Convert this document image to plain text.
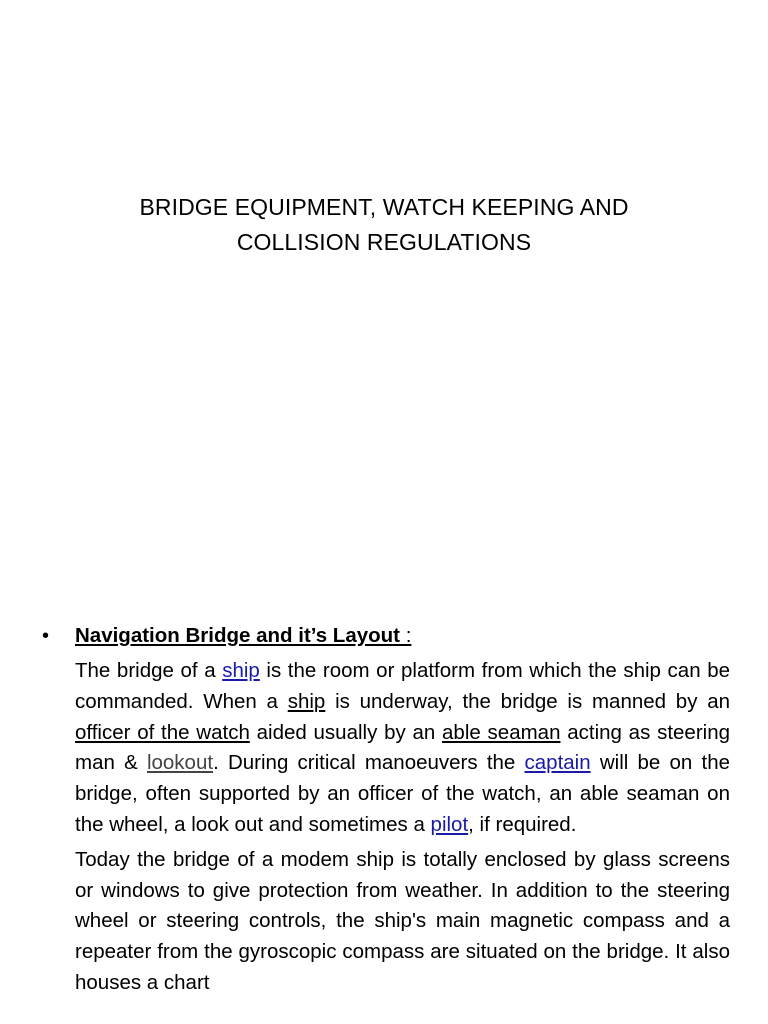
BRIDGE EQUIPMENT, WATCH KEEPING AND
COLLISION REGULATIONS
• Navigation Bridge and it’s Layout :
The bridge of a ship is the room or platform from which the ship can be commanded. When a ship is underway, the bridge is manned by an officer of the watch aided usually by an able seaman acting as steering man & lookout. During critical manoeuvers the captain will be on the bridge, often supported by an officer of the watch, an able seaman on the wheel, a look out and sometimes a pilot, if required.
Today the bridge of a modem ship is totally enclosed by glass screens or windows to give protection from weather. In addition to the steering wheel or steering controls, the ship's main magnetic compass and a repeater from the gyroscopic compass are situated on the bridge. It also houses a chart
